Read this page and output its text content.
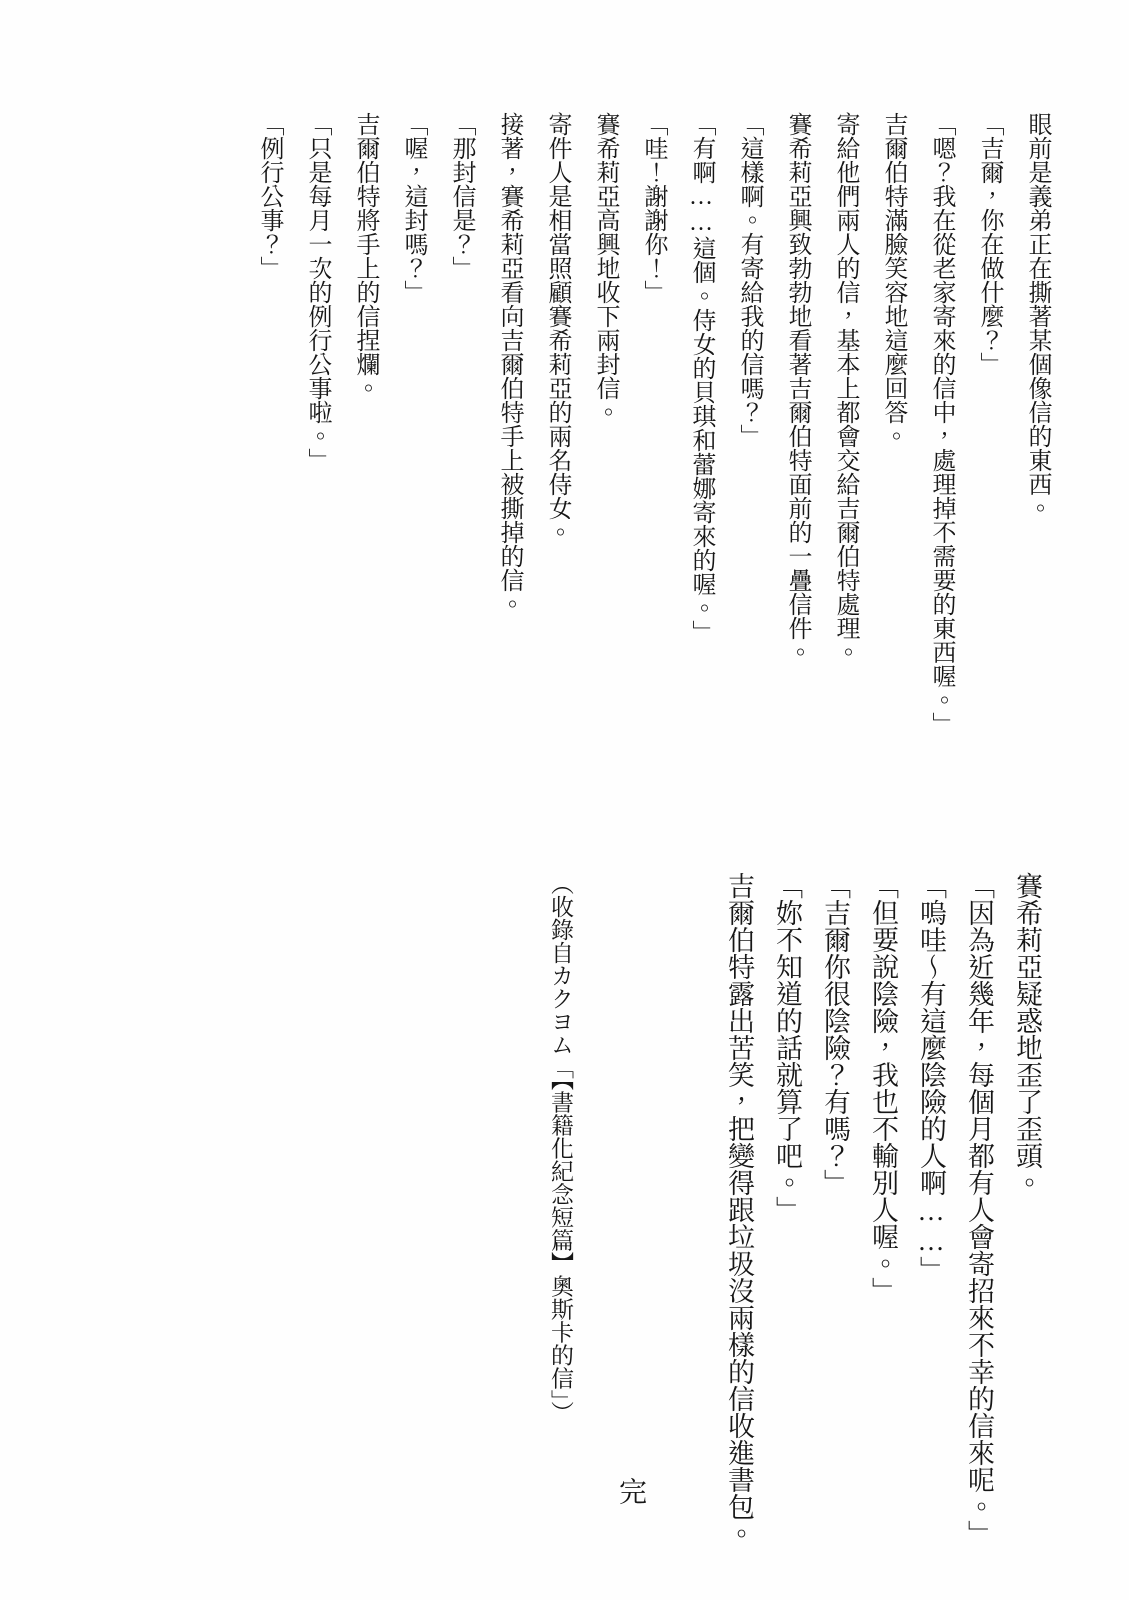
眼前是義弟正在撕著某個像信的東西。

「吉爾，你在做什麼？」

「嗯？我在從老家寄來的信中，處理掉不需要的東西喔。」

吉爾伯特滿臉笑容地這麼回答。

寄給他們兩人的信，基本上都會交給吉爾伯特處理。

賽希莉亞興致勃勃地看著吉爾伯特面前的一疊信件。

「這樣啊。有寄給我的信嗎？」

「有啊……這個。侍女的貝琪和蕾娜寄來的喔。」

「哇！謝謝你！」

賽希莉亞高興地收下兩封信。

寄件人是相當照顧賽希莉亞的兩名侍女。

接著，賽希莉亞看向吉爾伯特手上被撕掉的信。

「那封信是？」

「喔，這封嗎？」

吉爾伯特將手上的信捏爛。

「只是每月一次的例行公事啦。」

「例行公事？」

賽希莉亞疑惑地歪了歪頭。

「因為近幾年，每個月都有人會寄招來不幸的信來呢。」

「嗚哇～有這麼陰險的人啊……」

「但要說陰險，我也不輸別人喔。」

「吉爾你很陰險？有嗎？」

「妳不知道的話就算了吧。」

吉爾伯特露出苦笑，把變得跟垃圾沒兩樣的信收進書包。

（收錄自カクヨム「【書籍化紀念短篇】奧斯卡的信」）

完
